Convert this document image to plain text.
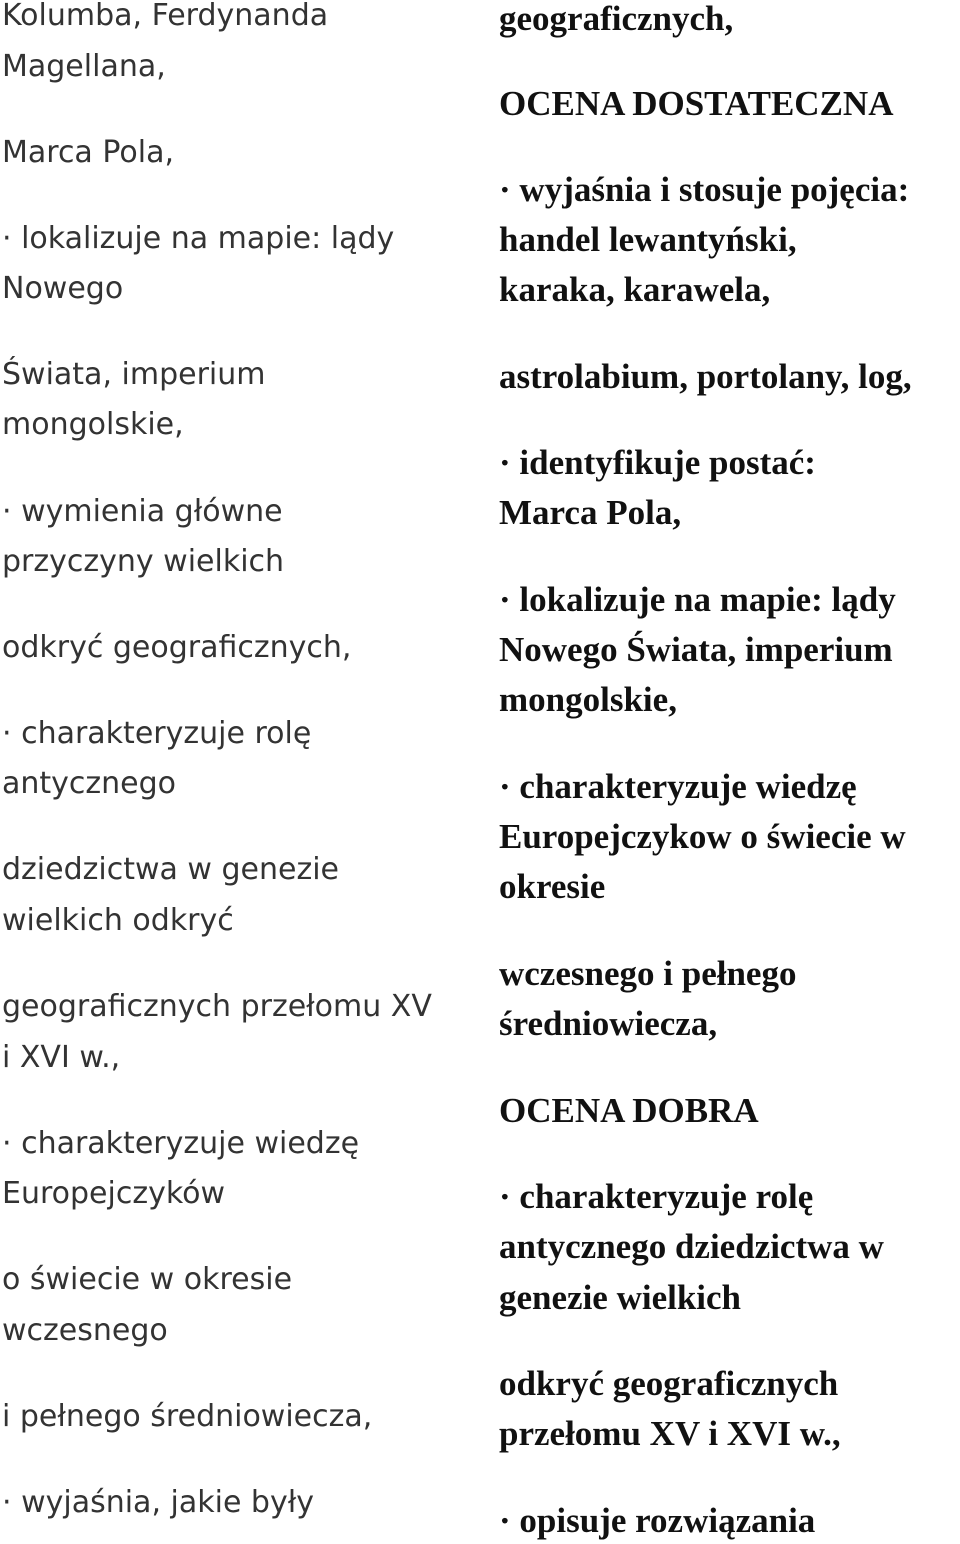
Kolumba, Ferdynanda
Magellana,
Marca Pola,
· lokalizuje na mapie: lądy
Nowego
Świata, imperium
mongolskie,
· wymienia główne
przyczyny wielkich
odkryć geograficznych,
· charakteryzuje rolę
antycznego
dziedzictwa w genezie
wielkich odkryć
geograficznych przełomu XV
i XVI w.,
· charakteryzuje wiedzę
Europejczyków
o świecie w okresie
wczesnego
i pełnego średniowiecza,
· wyjaśnia, jakie były
geograficznych,
OCENA DOSTATECZNA
· wyjaśnia i stosuje pojęcia:
handel lewantyński,
karaka, karawela,
astrolabium, portolany, log,
· identyfikuje postać:
Marca Pola,
· lokalizuje na mapie: lądy
Nowego Świata, imperium
mongolskie,
· charakteryzuje wiedzę
Europejczykow o świecie w
okresie
wczesnego i pełnego
średniowiecza,
OCENA DOBRA
· charakteryzuje rolę
antycznego dziedzictwa w
genezie wielkich
odkryć geograficznych
przełomu XV i XVI w.,
· opisuje rozwiązania
